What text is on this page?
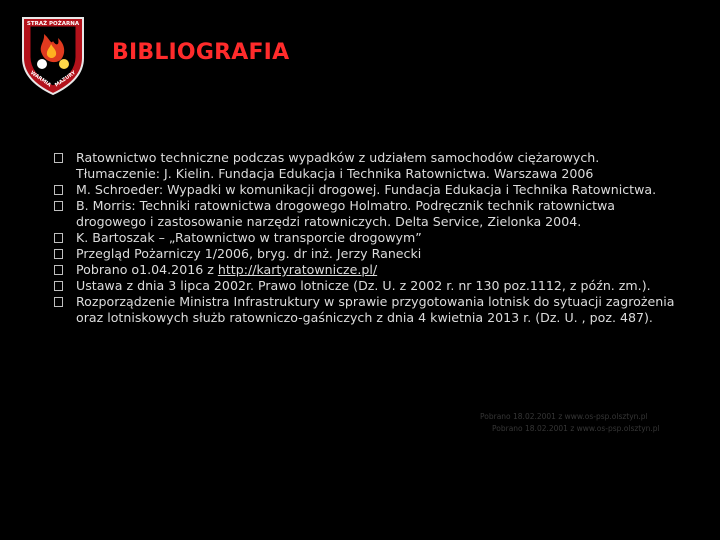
STRAŻ POŻARNA
WARMIA MAZURY
BIBLIOGRAFIA
Ratownictwo techniczne podczas wypadków z udziałem samochodów ciężarowych. Tłumaczenie: J. Kielin. Fundacja Edukacja i Technika Ratownictwa. Warszawa 2006
M. Schroeder: Wypadki w komunikacji drogowej. Fundacja Edukacja i Technika Ratownictwa.
B. Morris: Techniki ratownictwa drogowego Holmatro. Podręcznik technik ratownictwa drogowego i zastosowanie narzędzi ratowniczych. Delta Service, Zielonka 2004.
K. Bartoszak – „Ratownictwo w transporcie drogowym”
Przegląd Pożarniczy 1/2006, bryg. dr inż. Jerzy Ranecki
Pobrano o1.04.2016 z http://kartyratownicze.pl/
Ustawa z dnia 3 lipca 2002r. Prawo lotnicze (Dz. U. z 2002 r. nr 130 poz.1112, z późn. zm.).
Rozporządzenie Ministra Infrastruktury w sprawie przygotowania lotnisk do sytuacji zagrożenia oraz lotniskowych służb ratowniczo-gaśniczych z dnia 4 kwietnia 2013 r. (Dz. U. , poz. 487).
Pobrano 18.02.2001 z www.os-psp.olsztyn.pl
Pobrano 18.02.2001 z www.os-psp.olsztyn.pl
